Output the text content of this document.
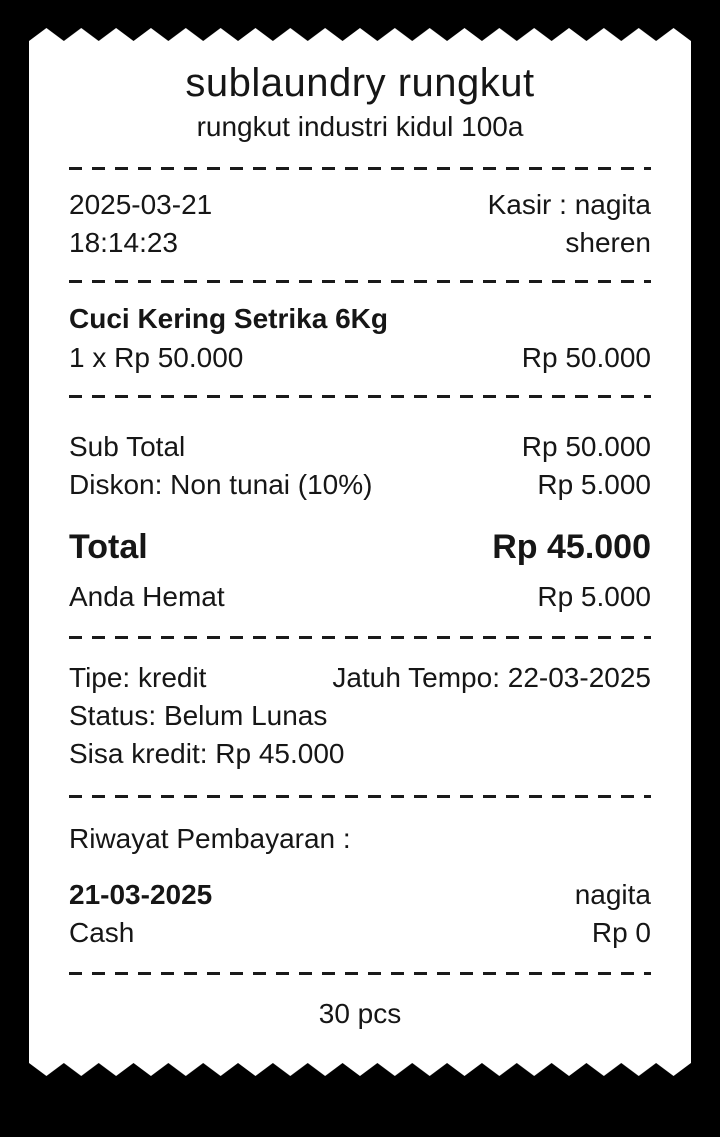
sublaundry rungkut
rungkut industri kidul 100a
2025-03-21	Kasir : nagita
18:14:23	sheren
Cuci Kering Setrika 6Kg
1 x Rp 50.000	Rp 50.000
Sub Total	Rp 50.000
Diskon: Non tunai (10%)	Rp 5.000
Total	Rp 45.000
Anda Hemat	Rp 5.000
Tipe: kredit	Jatuh Tempo: 22-03-2025
Status: Belum Lunas
Sisa kredit: Rp 45.000
Riwayat Pembayaran :
21-03-2025	nagita
Cash	Rp 0
30 pcs
